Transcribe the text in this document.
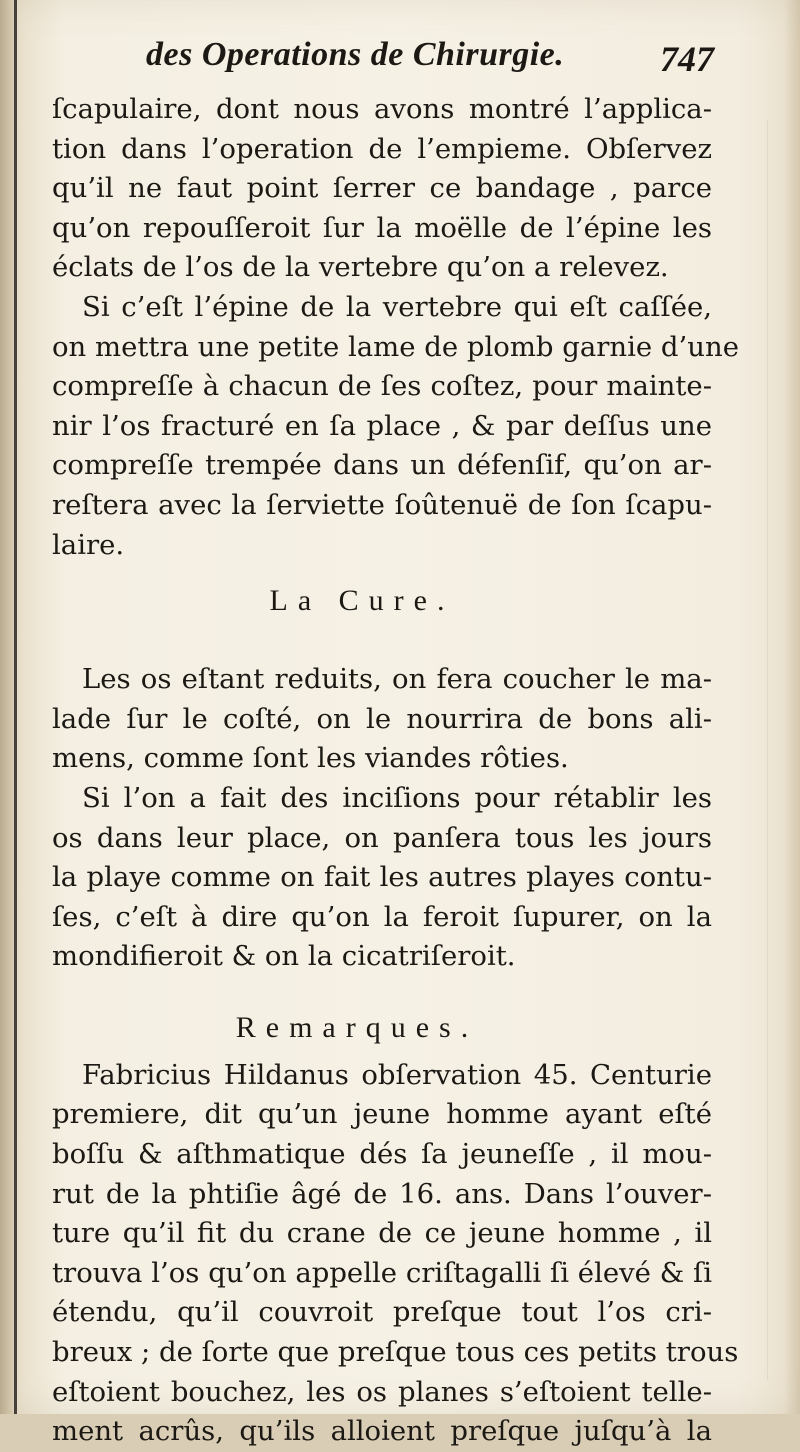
des Operations de Chirurgie.	747
ſcapulaire, dont nous avons montré l’applica-
tion dans l’operation de l’empieme. Obſervez
qu’il ne faut point ſerrer ce bandage , parce
qu’on repouſſeroit ſur la moëlle de l’épine les
éclats de l’os de la vertebre qu’on a relevez.
Si c’eſt l’épine de la vertebre qui eſt caſſée,
on mettra une petite lame de plomb garnie d’une
compreſſe à chacun de ſes coſtez, pour mainte-
nir l’os fracturé en ſa place , & par deſſus une
compreſſe trempée dans un défenſif, qu’on ar-
reſtera avec la ſerviette ſoûtenuë de ſon ſcapu-
laire.
La Cure.
Les os eſtant reduits, on fera coucher le ma-
lade ſur le coſté, on le nourrira de bons ali-
mens, comme ſont les viandes rôties.
Si l’on a fait des inciſions pour rétablir les
os dans leur place, on panſera tous les jours
la playe comme on fait les autres playes contu-
ſes, c’eſt à dire qu’on la feroit ſupurer, on la
mondifieroit & on la cicatriſeroit.
Remarques.
Fabricius Hildanus obſervation 45. Centurie
premiere, dit qu’un jeune homme ayant eſté
boſſu & aſthmatique dés ſa jeuneſſe , il mou-
rut de la phtiſie âgé de 16. ans. Dans l’ouver-
ture qu’il fit du crane de ce jeune homme , il
trouva l’os qu’on appelle criſtagalli ſi élevé & ſi
étendu, qu’il couvroit preſque tout l’os cri-
breux ; de ſorte que preſque tous ces petits trous
eſtoient bouchez, les os planes s’eſtoient telle-
ment acrûs, qu’ils alloient preſque juſqu’à la
